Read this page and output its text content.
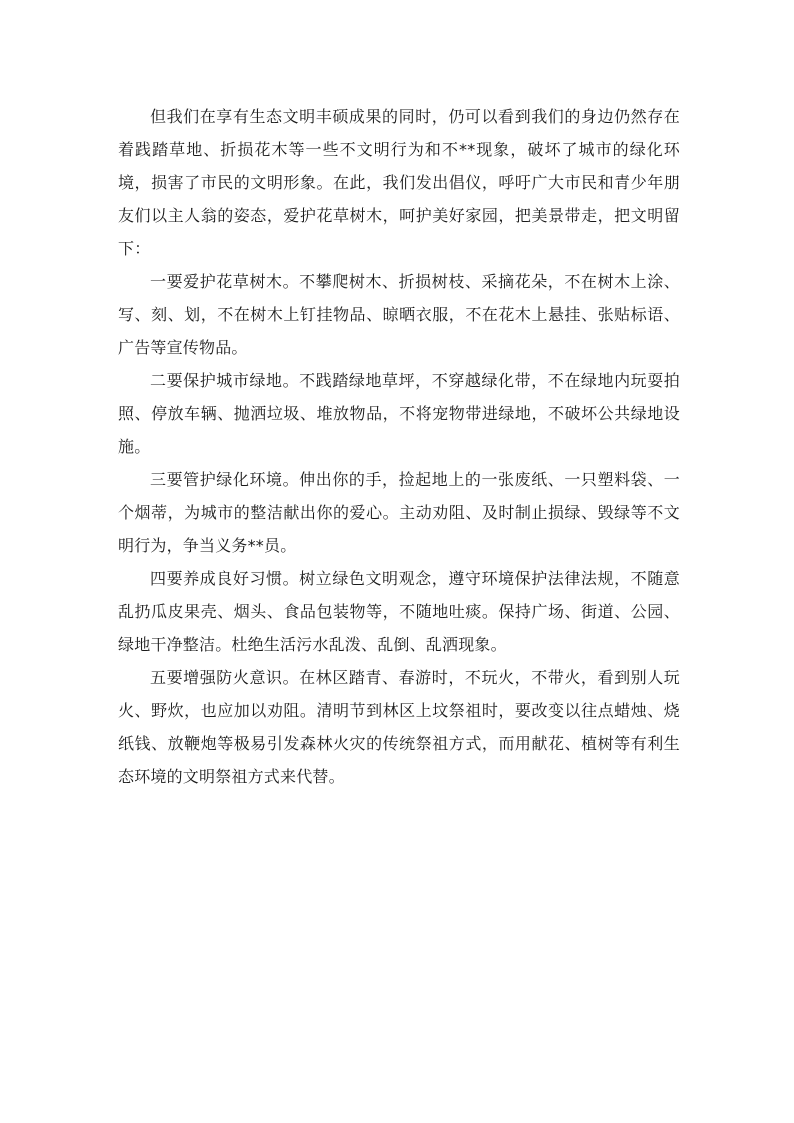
但我们在享有生态文明丰硕成果的同时，仍可以看到我们的身边仍然存在着践踏草地、折损花木等一些不文明行为和不**现象，破坏了城市的绿化环境，损害了市民的文明形象。在此，我们发出倡仪，呼吁广大市民和青少年朋友们以主人翁的姿态，爱护花草树木，呵护美好家园，把美景带走，把文明留下：

一要爱护花草树木。不攀爬树木、折损树枝、采摘花朵，不在树木上涂、写、刻、划，不在树木上钉挂物品、晾晒衣服，不在花木上悬挂、张贴标语、广告等宣传物品。

二要保护城市绿地。不践踏绿地草坪，不穿越绿化带，不在绿地内玩耍拍照、停放车辆、抛洒垃圾、堆放物品，不将宠物带进绿地，不破坏公共绿地设施。

三要管护绿化环境。伸出你的手，捡起地上的一张废纸、一只塑料袋、一个烟蒂，为城市的整洁献出你的爱心。主动劝阻、及时制止损绿、毁绿等不文明行为，争当义务**员。

四要养成良好习惯。树立绿色文明观念，遵守环境保护法律法规，不随意乱扔瓜皮果壳、烟头、食品包装物等，不随地吐痰。保持广场、街道、公园、绿地干净整洁。杜绝生活污水乱泼、乱倒、乱洒现象。

五要增强防火意识。在林区踏青、春游时，不玩火，不带火，看到别人玩火、野炊，也应加以劝阻。清明节到林区上坟祭祖时，要改变以往点蜡烛、烧纸钱、放鞭炮等极易引发森林火灾的传统祭祖方式，而用献花、植树等有利生态环境的文明祭祖方式来代替。
